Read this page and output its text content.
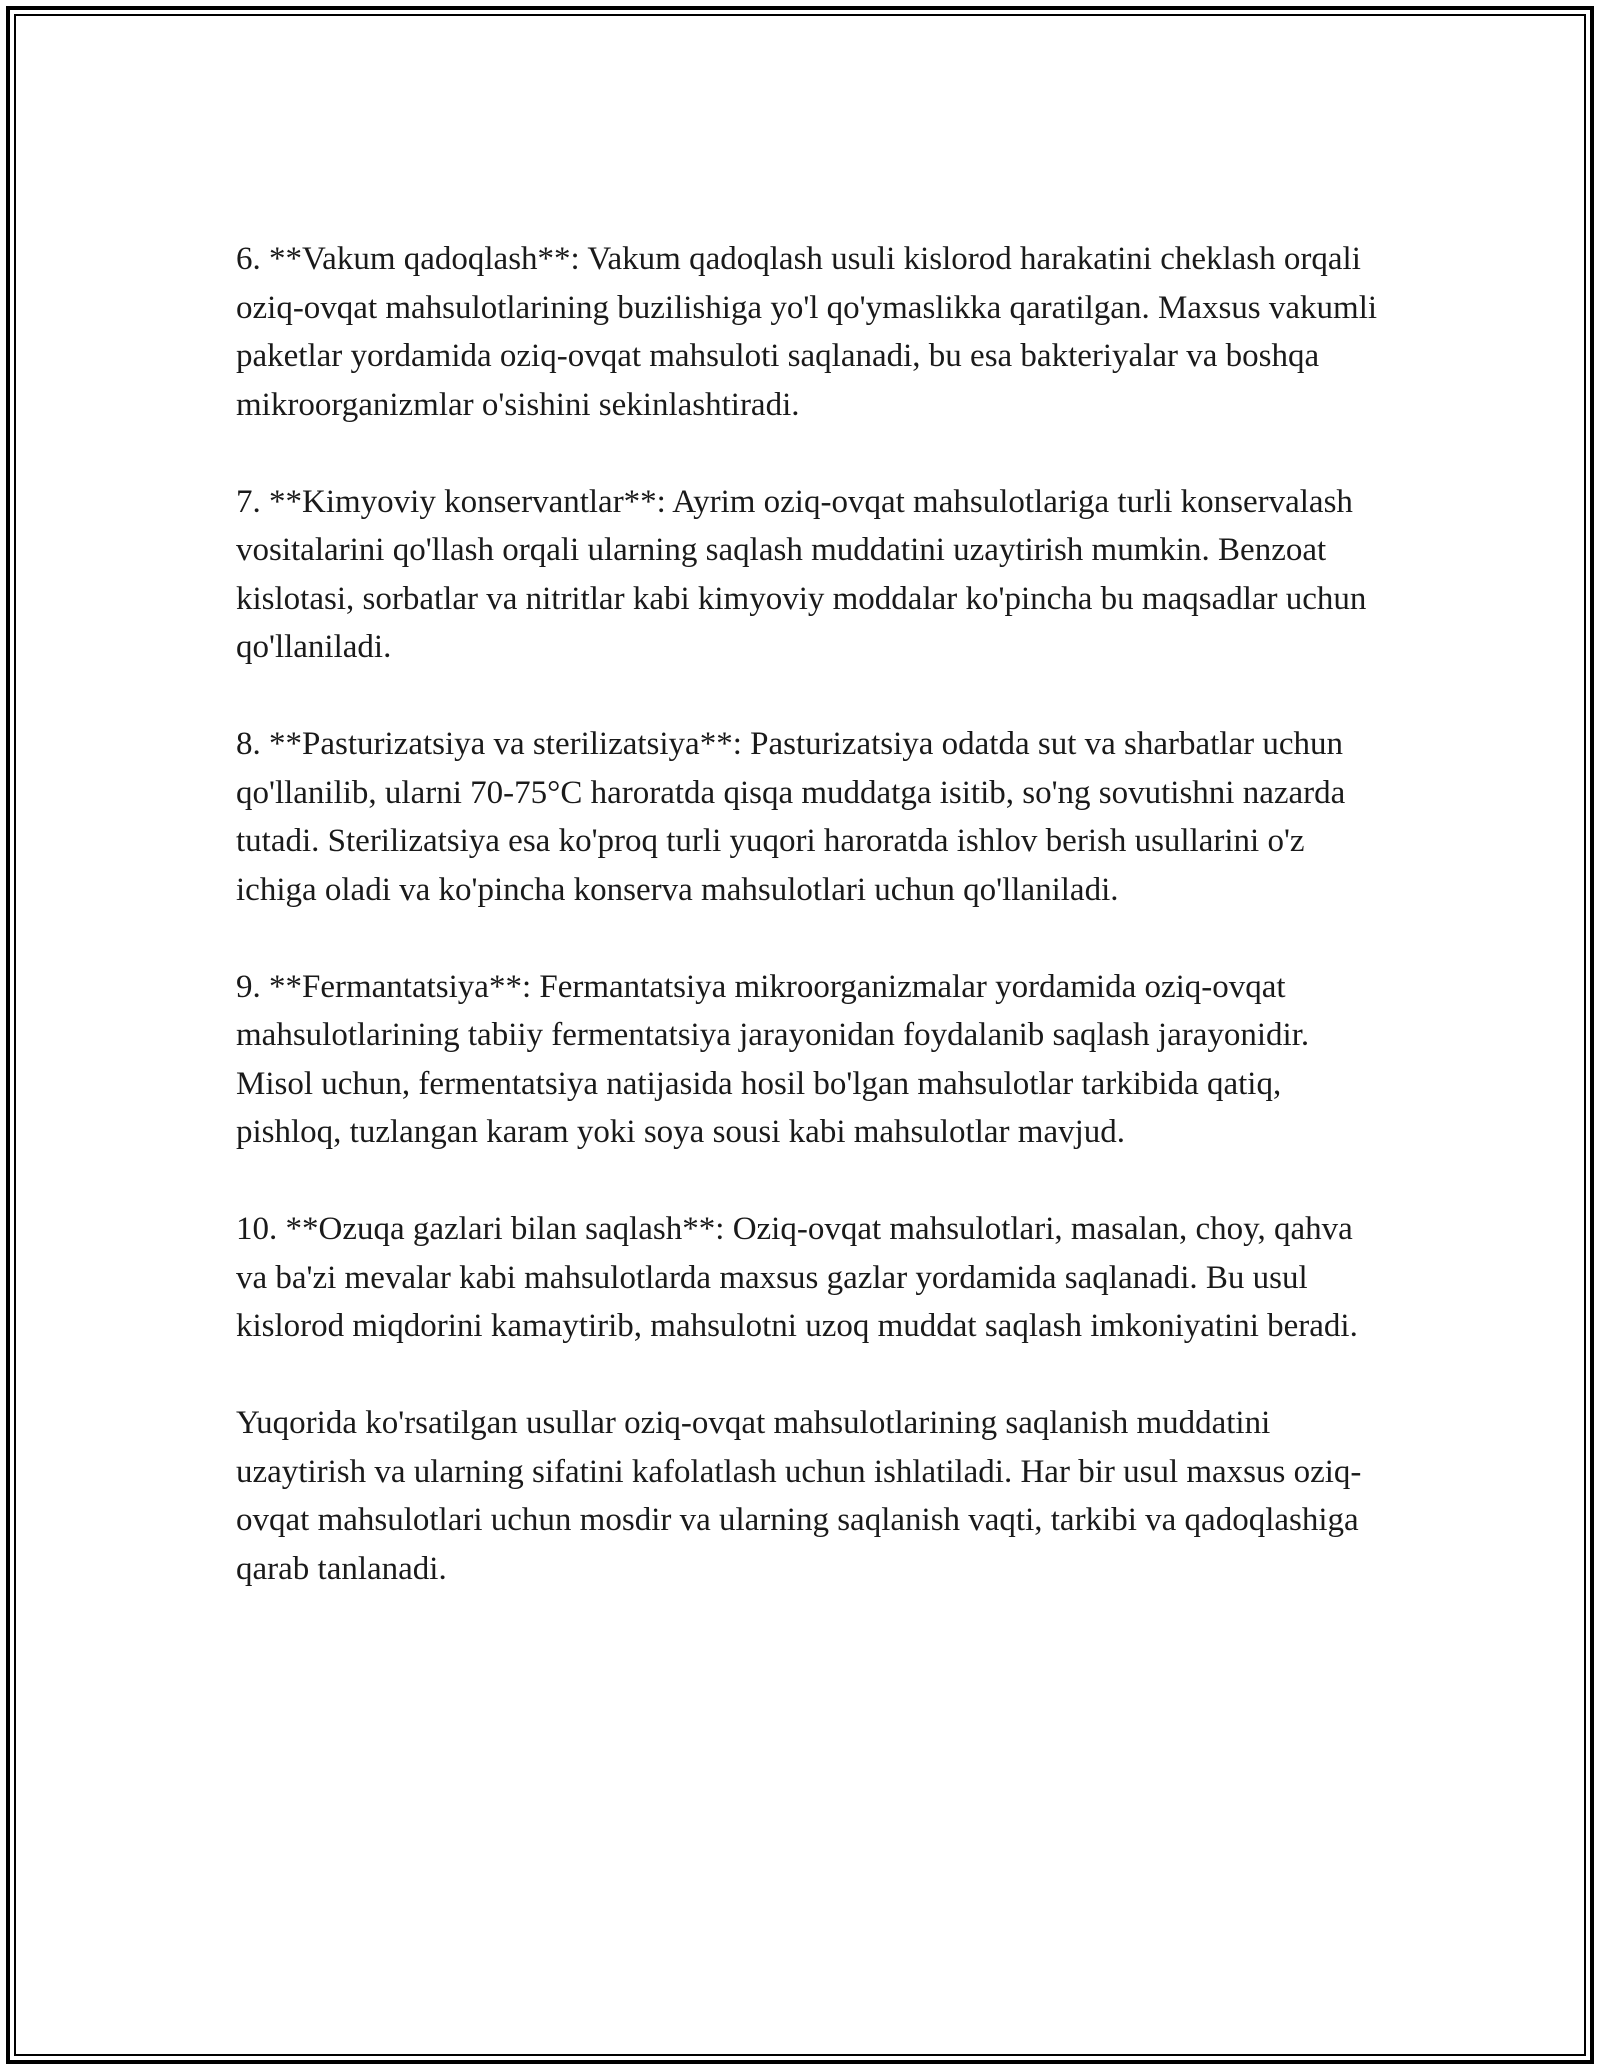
6. **Vakum qadoqlash**: Vakum qadoqlash usuli kislorod harakatini cheklash orqali oziq-ovqat mahsulotlarining buzilishiga yo'l qo'ymaslikka qaratilgan. Maxsus vakumli paketlar yordamida oziq-ovqat mahsuloti saqlanadi, bu esa bakteriyalar va boshqa mikroorganizmlar o'sishini sekinlashtiradi.

7. **Kimyoviy konservantlar**: Ayrim oziq-ovqat mahsulotlariga turli konservalash vositalarini qo'llash orqali ularning saqlash muddatini uzaytirish mumkin. Benzoat kislotasi, sorbatlar va nitritlar kabi kimyoviy moddalar ko'pincha bu maqsadlar uchun qo'llaniladi.

8. **Pasturizatsiya va sterilizatsiya**: Pasturizatsiya odatda sut va sharbatlar uchun qo'llanilib, ularni 70-75°C haroratda qisqa muddatga isitib, so'ng sovutishni nazarda tutadi. Sterilizatsiya esa ko'proq turli yuqori haroratda ishlov berish usullarini o'z ichiga oladi va ko'pincha konserva mahsulotlari uchun qo'llaniladi.

9. **Fermantatsiya**: Fermantatsiya mikroorganizmalar yordamida oziq-ovqat mahsulotlarining tabiiy fermentatsiya jarayonidan foydalanib saqlash jarayonidir. Misol uchun, fermentatsiya natijasida hosil bo'lgan mahsulotlar tarkibida qatiq, pishloq, tuzlangan karam yoki soya sousi kabi mahsulotlar mavjud.

10. **Ozuqa gazlari bilan saqlash**: Oziq-ovqat mahsulotlari, masalan, choy, qahva va ba'zi mevalar kabi mahsulotlarda maxsus gazlar yordamida saqlanadi. Bu usul kislorod miqdorini kamaytirib, mahsulotni uzoq muddat saqlash imkoniyatini beradi.

Yuqorida ko'rsatilgan usullar oziq-ovqat mahsulotlarining saqlanish muddatini uzaytirish va ularning sifatini kafolatlash uchun ishlatiladi. Har bir usul maxsus oziq-ovqat mahsulotlari uchun mosdir va ularning saqlanish vaqti, tarkibi va qadoqlashiga qarab tanlanadi.
